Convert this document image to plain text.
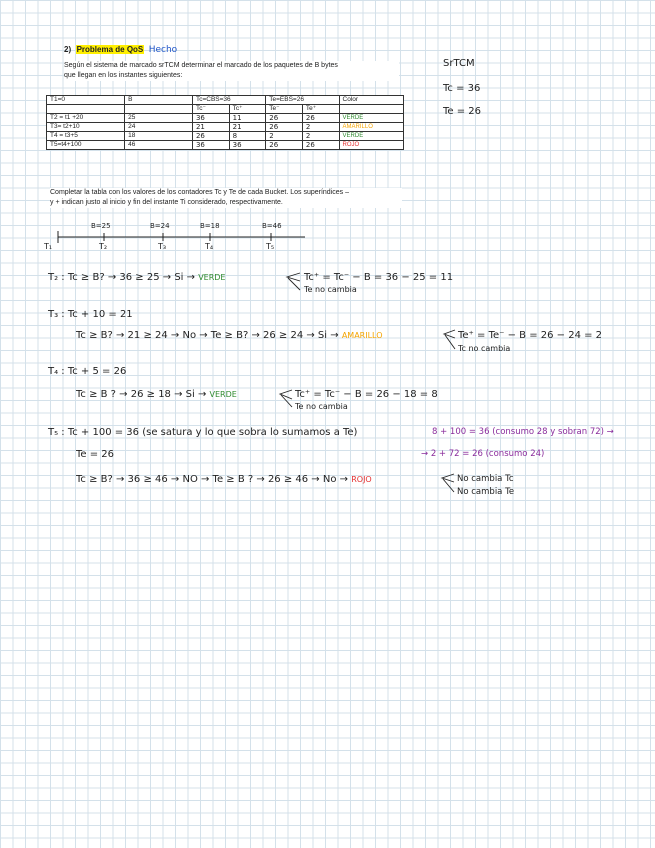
2) Problema de QoS Hecho
Según el sistema de marcado srTCM determinar el marcado de los paquetes de B bytes
que llegan en los instantes siguientes:
SrTCM
Tc = 36
Te = 26
T1=0	B	Tc=CBS=36		Te=EBS=26		Color
		Tc⁻	Tc⁺	Te⁻	Te⁺	
T2 = t1 +20	25	36	11	26	26	VERDE
T3= t2+10	24	21	21	26	2	AMARILLO
T4 = t3+5	18	26	8	2	2	VERDE
T5=t4+100	46	36	36	26	26	ROJO
Completar la tabla con los valores de los contadores Tc y Te de cada Bucket. Los superíndices –
y + indican justo al inicio y fin del instante Ti considerado, respectivamente.
B=25	B=24	B=18	B=46
T₁	T₂	T₃	T₄	T₅
T₂ : Tc ≥ B? → 36 ≥ 25 → Si → VERDE	Tc⁺ = Tc⁻ − B = 36 − 25 = 11
Te no cambia
T₃ : Tc + 10 = 21
Tc ≥ B? → 21 ≥ 24 → No → Te ≥ B? → 26 ≥ 24 → Si → AMARILLO	Te⁺ = Te⁻ − B = 26 − 24 = 2
Tc no cambia
T₄ : Tc + 5 = 26
Tc ≥ B ? → 26 ≥ 18 → Si → VERDE	Tc⁺ = Tc⁻ − B = 26 − 18 = 8
Te no cambia
T₅ : Tc + 100 = 36 (se satura y lo que sobra lo sumamos a Te)	8 + 100 = 36 (consumo 28 y sobran 72) →
Te = 26	→ 2 + 72 = 26 (consumo 24)
Tc ≥ B? → 36 ≥ 46 → NO → Te ≥ B ? → 26 ≥ 46 → No → ROJO	No cambia Tc
No cambia Te
